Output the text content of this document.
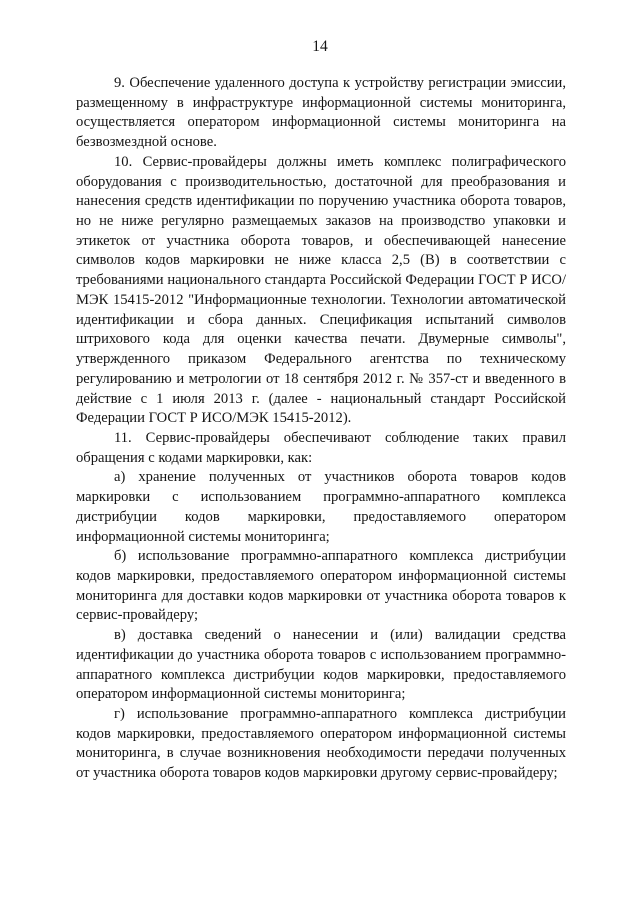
14

9. Обеспечение удаленного доступа к устройству регистрации эмиссии, размещенному в инфраструктуре информационной системы мониторинга, осуществляется оператором информационной системы мониторинга на безвозмездной основе.

10. Сервис-провайдеры должны иметь комплекс полиграфического оборудования с производительностью, достаточной для преобразования и нанесения средств идентификации по поручению участника оборота товаров, но не ниже регулярно размещаемых заказов на производство упаковки и этикеток от участника оборота товаров, и обеспечивающей нанесение символов кодов маркировки не ниже класса 2,5 (В) в соответствии с требованиями национального стандарта Российской Федерации ГОСТ Р ИСО/МЭК 15415-2012 "Информационные технологии. Технологии автоматической идентификации и сбора данных. Спецификация испытаний символов штрихового кода для оценки качества печати. Двумерные символы", утвержденного приказом Федерального агентства по техническому регулированию и метрологии от 18 сентября 2012 г. № 357-ст и введенного в действие с 1 июля 2013 г. (далее - национальный стандарт Российской Федерации ГОСТ Р ИСО/МЭК 15415-2012).

11. Сервис-провайдеры обеспечивают соблюдение таких правил обращения с кодами маркировки, как:

а) хранение полученных от участников оборота товаров кодов маркировки с использованием программно-аппаратного комплекса дистрибуции кодов маркировки, предоставляемого оператором информационной системы мониторинга;

б) использование программно-аппаратного комплекса дистрибуции кодов маркировки, предоставляемого оператором информационной системы мониторинга для доставки кодов маркировки от участника оборота товаров к сервис-провайдеру;

в) доставка сведений о нанесении и (или) валидации средства идентификации до участника оборота товаров с использованием программно-аппаратного комплекса дистрибуции кодов маркировки, предоставляемого оператором информационной системы мониторинга;

г) использование программно-аппаратного комплекса дистрибуции кодов маркировки, предоставляемого оператором информационной системы мониторинга, в случае возникновения необходимости передачи полученных от участника оборота товаров кодов маркировки другому сервис-провайдеру;
